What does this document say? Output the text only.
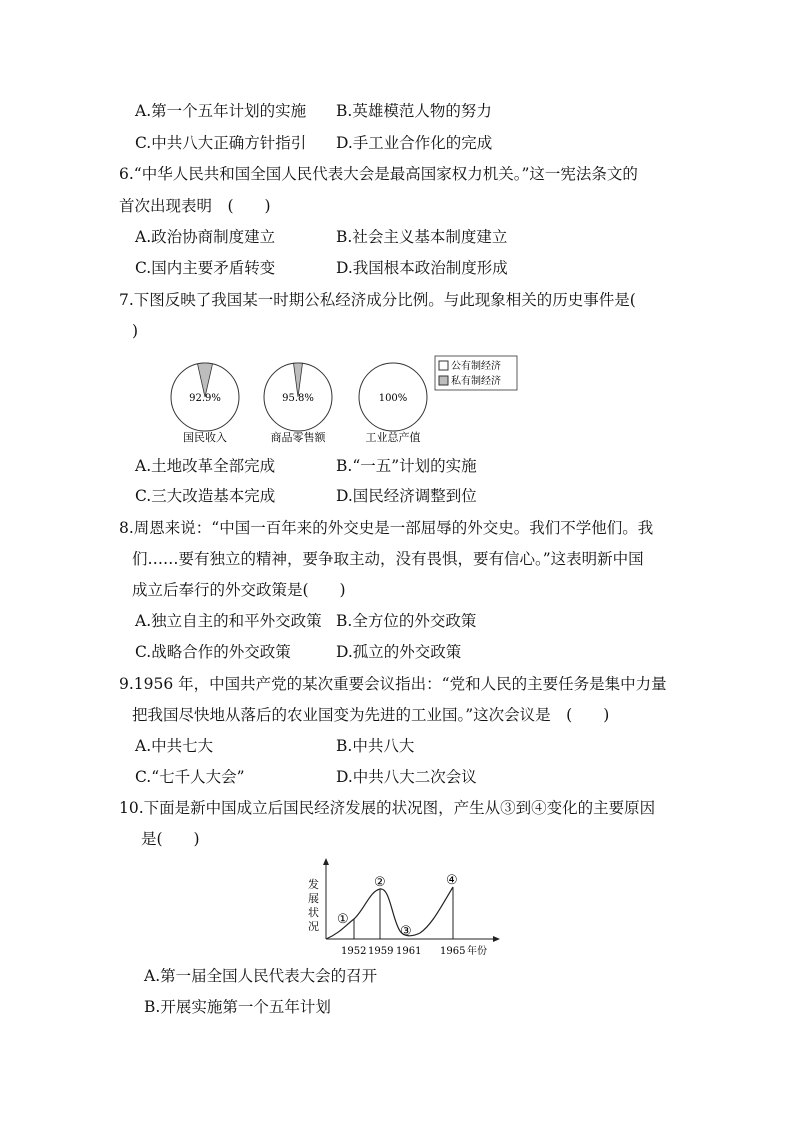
A.第一个五年计划的实施 B.英雄模范人物的努力
C.中共八大正确方针指引 D.手工业合作化的完成
6.“中华人民共和国全国人民代表大会是最高国家权力机关。”这一宪法条文的
首次出现表明　(　　)
A.政治协商制度建立	B.社会主义基本制度建立
C.国内主要矛盾转变	D.我国根本政治制度形成
7.下图反映了我国某一时期公私经济成分比例。与此现象相关的历史事件是(
)
92.9%
国民收入
95.8%
商品零售额
100%
工业总产值
公有制经济
私有制经济
A.土地改革全部完成	B.“一五”计划的实施
C.三大改造基本完成	D.国民经济调整到位
8.周恩来说：“中国一百年来的外交史是一部屈辱的外交史。我们不学他们。我
们……要有独立的精神，要争取主动，没有畏惧，要有信心。”这表明新中国
成立后奉行的外交政策是(　　)
A.独立自主的和平外交政策 B.全方位的外交政策
C.战略合作的外交政策	D.孤立的外交政策
9.1956 年，中国共产党的某次重要会议指出：“党和人民的主要任务是集中力量
把我国尽快地从落后的农业国变为先进的工业国。”这次会议是　(　　)
A.中共七大	B.中共八大
C.“七千人大会”	D.中共八大二次会议
10.下面是新中国成立后国民经济发展的状况图，产生从③到④变化的主要原因
是(　　)
发
展
状
况 ①
②
③
④
1952 1959 1961 1965 年份
A.第一届全国人民代表大会的召开
B.开展实施第一个五年计划
